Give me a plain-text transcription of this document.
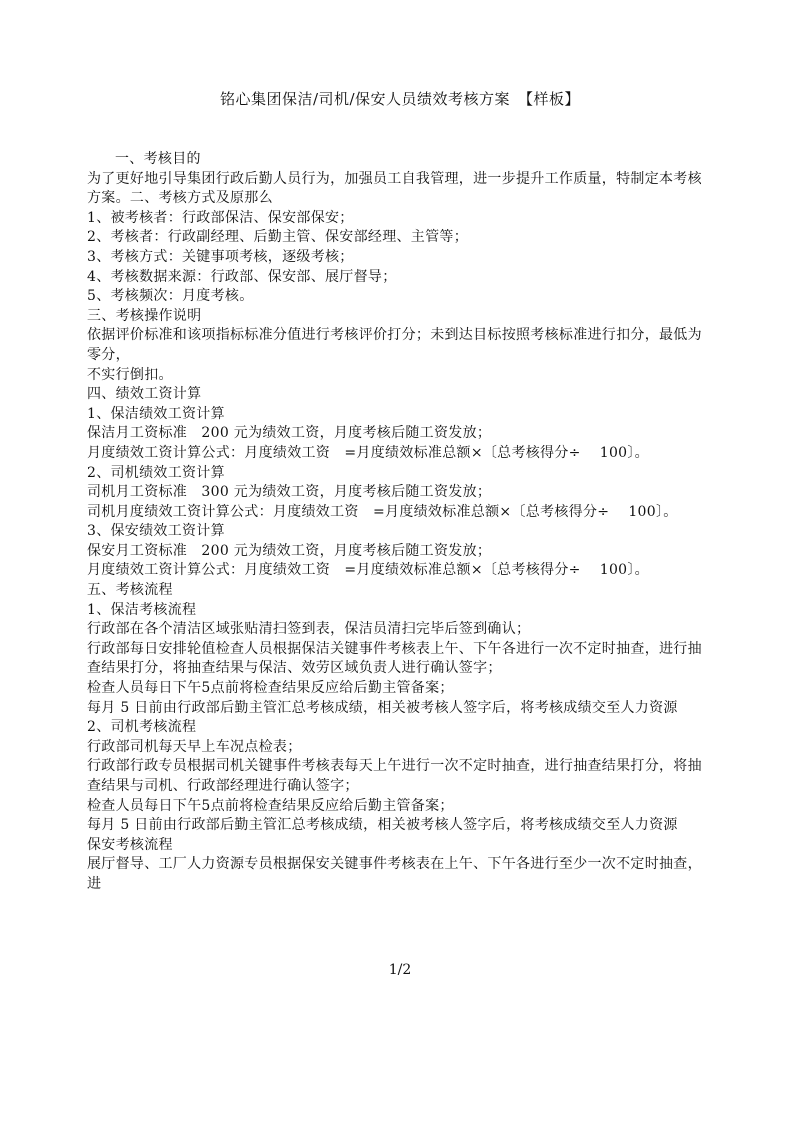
铭心集团保洁/司机/保安人员绩效考核方案　【样板】
一、考核目的
为了更好地引导集团行政后勤人员行为，加强员工自我管理，进一步提升工作质量，特制定本考核
方案。二、考核方式及原那么
1、被考核者：行政部保洁、保安部保安；
2、考核者：行政副经理、后勤主管、保安部经理、主管等；
3、考核方式：关键事项考核，逐级考核；
4、考核数据来源：行政部、保安部、展厅督导；
5、考核频次：月度考核。
三、考核操作说明
依据评价标准和该项指标标准分值进行考核评价打分；未到达目标按照考核标准进行扣分，最低为
零分，
不实行倒扣。
四、绩效工资计算
1、保洁绩效工资计算
保洁月工资标准　200 元为绩效工资，月度考核后随工资发放；
月度绩效工资计算公式：月度绩效工资　=月度绩效标准总额×〔总考核得分÷　 100〕。
2、司机绩效工资计算
司机月工资标准　300 元为绩效工资，月度考核后随工资发放；
司机月度绩效工资计算公式：月度绩效工资　=月度绩效标准总额×〔总考核得分÷　 100〕。
3、保安绩效工资计算
保安月工资标准　200 元为绩效工资，月度考核后随工资发放；
月度绩效工资计算公式：月度绩效工资　=月度绩效标准总额×〔总考核得分÷　 100〕。
五、考核流程
1、保洁考核流程
行政部在各个清洁区域张贴清扫签到表，保洁员清扫完毕后签到确认；
行政部每日安排轮值检查人员根据保洁关键事件考核表上午、下午各进行一次不定时抽查，进行抽
查结果打分，将抽查结果与保洁、效劳区域负责人进行确认签字；
检查人员每日下午5点前将检查结果反应给后勤主管备案；
每月 5 日前由行政部后勤主管汇总考核成绩，相关被考核人签字后，将考核成绩交至人力资源
2、司机考核流程
行政部司机每天早上车况点检表；
行政部行政专员根据司机关键事件考核表每天上午进行一次不定时抽查，进行抽查结果打分，将抽
查结果与司机、行政部经理进行确认签字；
检查人员每日下午5点前将检查结果反应给后勤主管备案；
每月 5 日前由行政部后勤主管汇总考核成绩，相关被考核人签字后，将考核成绩交至人力资源
保安考核流程
展厅督导、工厂人力资源专员根据保安关键事件考核表在上午、下午各进行至少一次不定时抽查，
进
1/2
